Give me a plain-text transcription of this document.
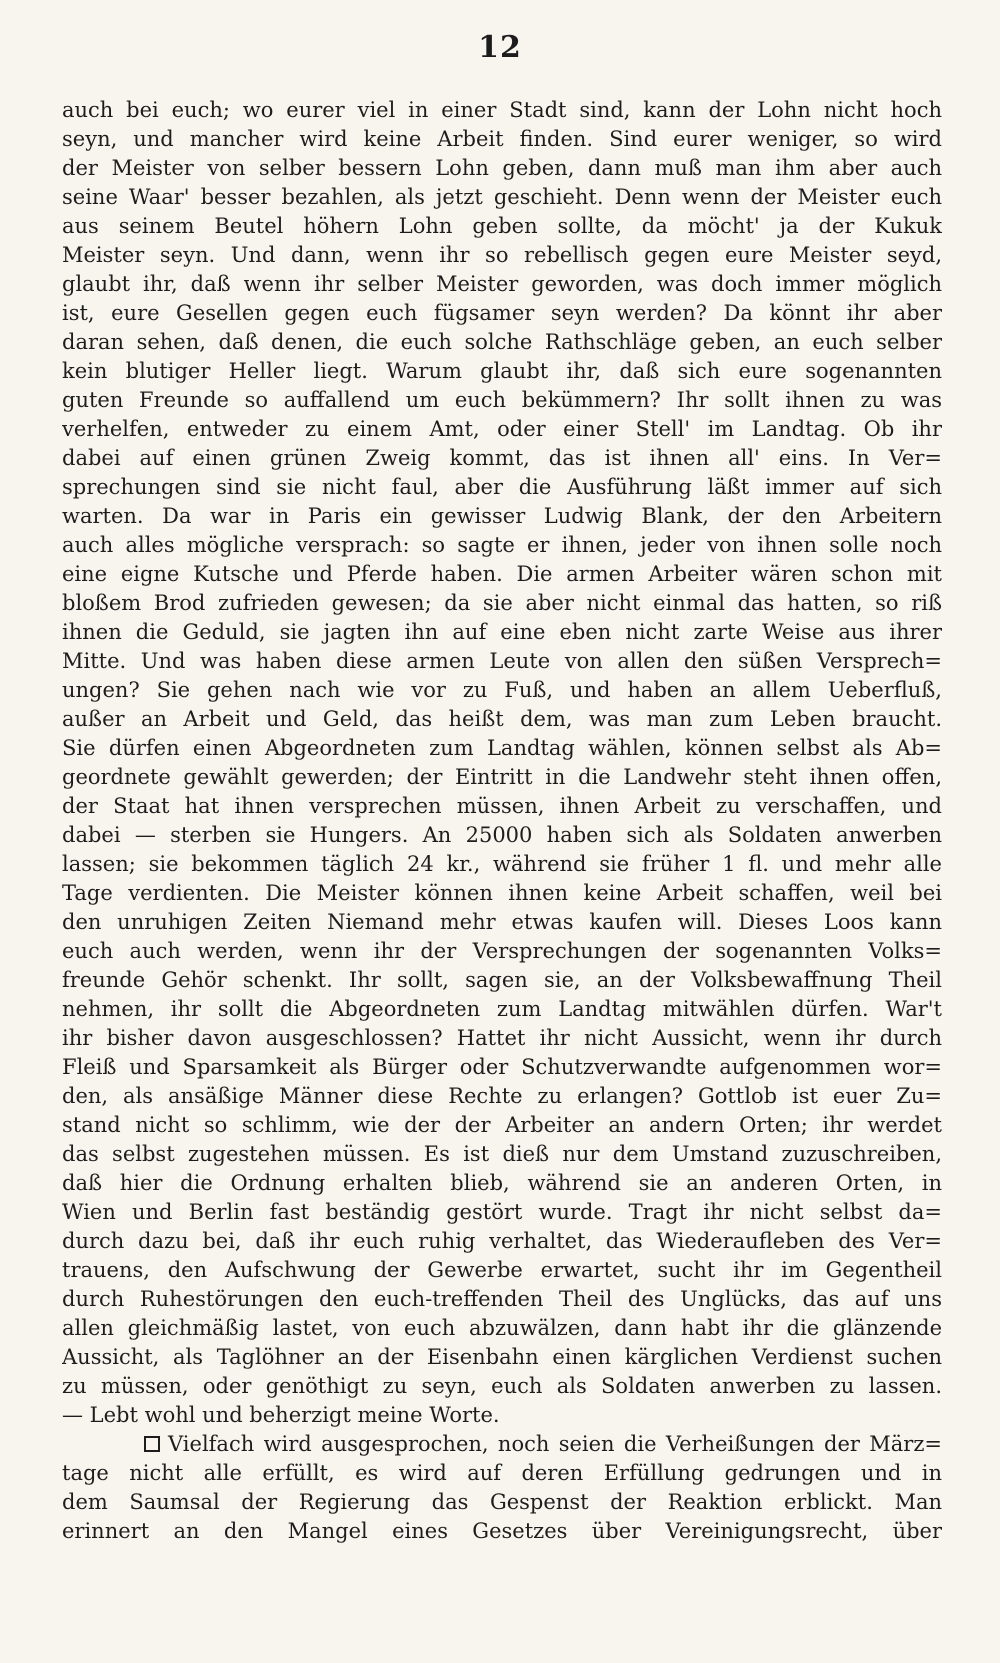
12
auch bei euch; wo eurer viel in einer Stadt sind, kann der Lohn nicht hoch
seyn, und mancher wird keine Arbeit finden. Sind eurer weniger, so wird
der Meister von selber bessern Lohn geben, dann muß man ihm aber auch
seine Waar' besser bezahlen, als jetzt geschieht. Denn wenn der Meister euch
aus seinem Beutel höhern Lohn geben sollte, da möcht' ja der Kukuk
Meister seyn. Und dann, wenn ihr so rebellisch gegen eure Meister seyd,
glaubt ihr, daß wenn ihr selber Meister geworden, was doch immer möglich
ist, eure Gesellen gegen euch fügsamer seyn werden? Da könnt ihr aber
daran sehen, daß denen, die euch solche Rathschläge geben, an euch selber
kein blutiger Heller liegt. Warum glaubt ihr, daß sich eure sogenannten
guten Freunde so auffallend um euch bekümmern? Ihr sollt ihnen zu was
verhelfen, entweder zu einem Amt, oder einer Stell' im Landtag. Ob ihr
dabei auf einen grünen Zweig kommt, das ist ihnen all' eins. In Ver=
sprechungen sind sie nicht faul, aber die Ausführung läßt immer auf sich
warten. Da war in Paris ein gewisser Ludwig Blank, der den Arbeitern
auch alles mögliche versprach: so sagte er ihnen, jeder von ihnen solle noch
eine eigne Kutsche und Pferde haben. Die armen Arbeiter wären schon mit
bloßem Brod zufrieden gewesen; da sie aber nicht einmal das hatten, so riß
ihnen die Geduld, sie jagten ihn auf eine eben nicht zarte Weise aus ihrer
Mitte. Und was haben diese armen Leute von allen den süßen Versprech=
ungen? Sie gehen nach wie vor zu Fuß, und haben an allem Ueberfluß,
außer an Arbeit und Geld, das heißt dem, was man zum Leben braucht.
Sie dürfen einen Abgeordneten zum Landtag wählen, können selbst als Ab=
geordnete gewählt gewerden; der Eintritt in die Landwehr steht ihnen offen,
der Staat hat ihnen versprechen müssen, ihnen Arbeit zu verschaffen, und
dabei — sterben sie Hungers. An 25000 haben sich als Soldaten anwerben
lassen; sie bekommen täglich 24 kr., während sie früher 1 fl. und mehr alle
Tage verdienten. Die Meister können ihnen keine Arbeit schaffen, weil bei
den unruhigen Zeiten Niemand mehr etwas kaufen will. Dieses Loos kann
euch auch werden, wenn ihr der Versprechungen der sogenannten Volks=
freunde Gehör schenkt. Ihr sollt, sagen sie, an der Volksbewaffnung Theil
nehmen, ihr sollt die Abgeordneten zum Landtag mitwählen dürfen. War't
ihr bisher davon ausgeschlossen? Hattet ihr nicht Aussicht, wenn ihr durch
Fleiß und Sparsamkeit als Bürger oder Schutzverwandte aufgenommen wor=
den, als ansäßige Männer diese Rechte zu erlangen? Gottlob ist euer Zu=
stand nicht so schlimm, wie der der Arbeiter an andern Orten; ihr werdet
das selbst zugestehen müssen. Es ist dieß nur dem Umstand zuzuschreiben,
daß hier die Ordnung erhalten blieb, während sie an anderen Orten, in
Wien und Berlin fast beständig gestört wurde. Tragt ihr nicht selbst da=
durch dazu bei, daß ihr euch ruhig verhaltet, das Wiederaufleben des Ver=
trauens, den Aufschwung der Gewerbe erwartet, sucht ihr im Gegentheil
durch Ruhestörungen den euch-treffenden Theil des Unglücks, das auf uns
allen gleichmäßig lastet, von euch abzuwälzen, dann habt ihr die glänzende
Aussicht, als Taglöhner an der Eisenbahn einen kärglichen Verdienst suchen
zu müssen, oder genöthigt zu seyn, euch als Soldaten anwerben zu lassen.
— Lebt wohl und beherzigt meine Worte.
Vielfach wird ausgesprochen, noch seien die Verheißungen der März=
tage nicht alle erfüllt, es wird auf deren Erfüllung gedrungen und in
dem Saumsal der Regierung das Gespenst der Reaktion erblickt. Man
erinnert an den Mangel eines Gesetzes über Vereinigungsrecht, über
